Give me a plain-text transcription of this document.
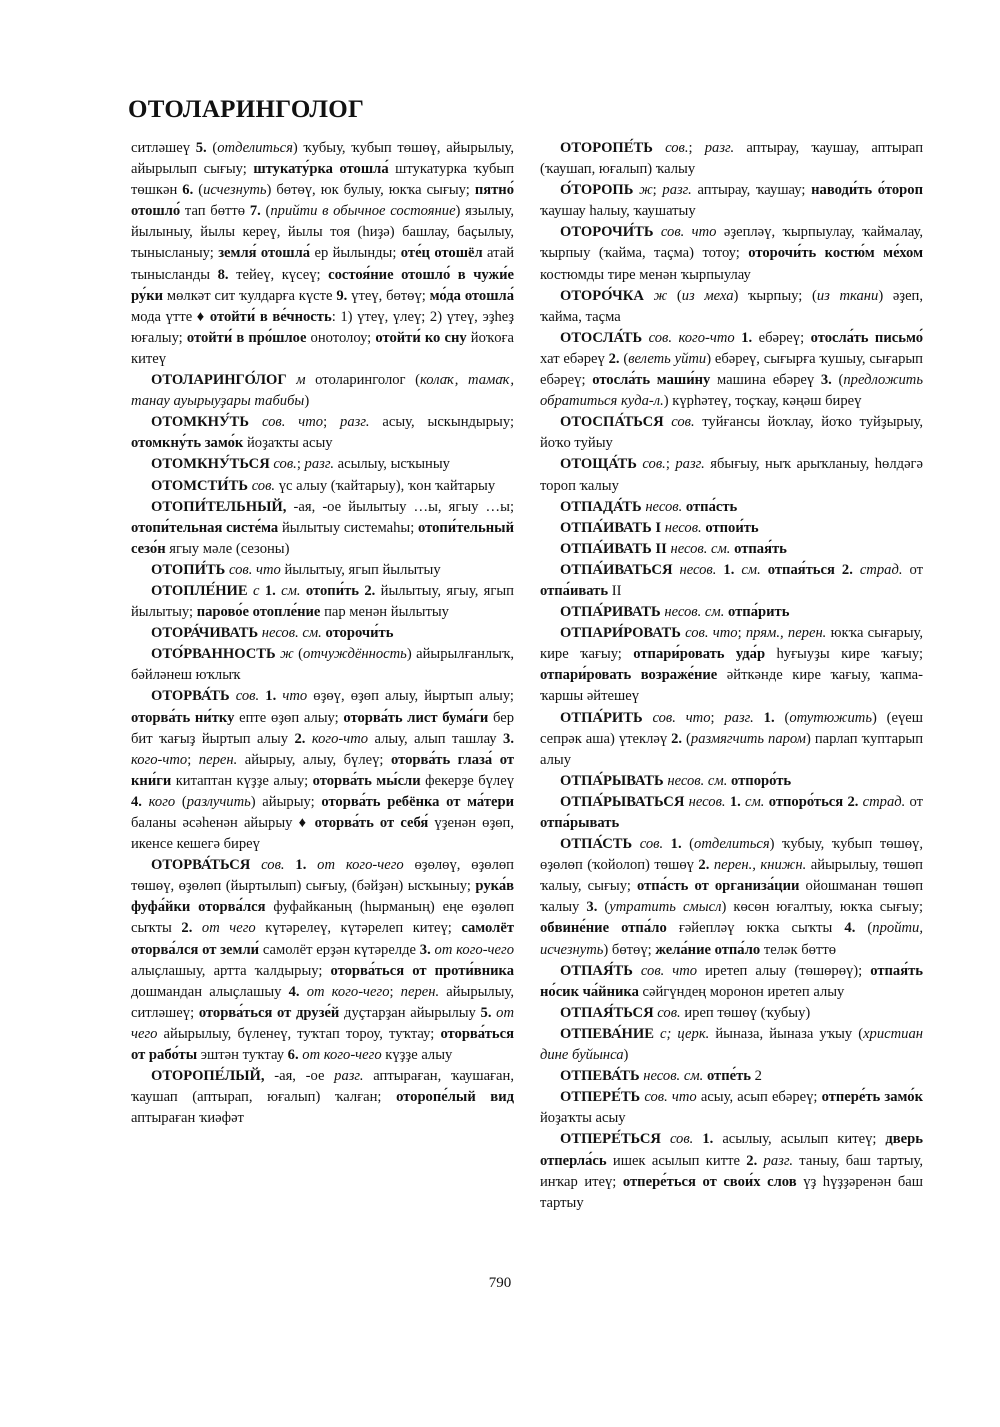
ОТОЛАРИНГОЛОГ

ситләшеү 5. (отделиться) ҡубыу, ҡубып төшөү, айырылыу, айырылып сығыу; штукату́рка отошла́ штукатурка ҡубып төшкән 6. (исчезнуть) бөтөү, юк булыу, юкҡа сығыу; пятно́ отошло́ тап бөттө 7. (прийти в обычное состояние) язылыу, йылыныу, йылы кереү, йылы тоя (һиҙә) башлау, баҫылыу, тынысланыу; земля́ отошла́ ер йылынды; оте́ц отошёл атай тынысланды 8. тейеү, күсеү; состоя́ние отошло́ в чужи́е ру́ки мөлкәт сит ҡулдарға күсте 9. үтеү, бөтөү; мо́да отошла́ мода үтте ♦ отойти́ в ве́чность: 1) үтеү, үлеү; 2) үтеү, эҙһеҙ юғалыу; отойти́ в про́шлое онотолоу; отойти́ ко сну йоҡоға китеү

ОТОЛАРИНГО́ЛОГ м отоларинголог (колаҡ, тамаҡ, танау ауырыуҙары табибы)

ОТОМКНУ́ТЬ сов. что; разг. асыу, ыскындырыу; отомкну́ть замо́к йоҙаҡты асыу

ОТОМКНУ́ТЬСЯ сов.; разг. асылыу, ысҡыныу

ОТОМСТИ́ТЬ сов. үс алыу (ҡайтарыу), ҡон ҡайтарыу

ОТОПИ́ТЕЛЬНЫЙ, -ая, -ое йылытыу …ы, ягыу …ы; отопи́тельная систе́ма йылытыу системаһы; отопи́тельный сезо́н ягыу мәле (сезоны)

ОТОПИ́ТЬ сов. что йылытыу, ягып йылытыу

ОТОПЛЕ́НИЕ с 1. см. отопи́ть 2. йылытыу, ягыу, ягып йылытыу; парово́е отопле́ние пар менән йылытыу

ОТОРА́ЧИВАТЬ несов. см. оторочи́ть

ОТО́РВАННОСТЬ ж (отчуждённость) айырылғанлыҡ, бәйләнеш юҡлыҡ

ОТОРВА́ТЬ сов. 1. что өҙөү, өҙөп алыу, йыртып алыу; оторва́ть ни́тку епте өҙөп алыу; оторва́ть лист бума́ги бер бит ҡағыҙ йыртып алыу 2. кого-что алыу, алып ташлау 3. кого-что; перен. айырыу, алыу, бүлеү; оторва́ть глаза́ от кни́ги китаптан күҙҙе алыу; оторва́ть мы́сли фекерҙе бүлеү 4. кого (разлучить) айырыу; оторва́ть ребёнка от ма́тери баланы әсәһенән айырыу ♦ оторва́ть от себя́ үҙенән өҙөп, икенсе кешегә биреү

ОТОРВА́ТЬСЯ сов. 1. от кого-чего өҙөлөү, өҙөлөп төшөү, өҙөлөп (йыртылып) сығыу, (бәйҙән) ысҡыныу; рука́в фуфа́йки оторва́лся фуфайканың (һырманың) еңе өҙөлөп сыҡты 2. от чего күтәрелеү, күтәрелеп китеү; самолёт оторва́лся от земли́ самолёт ерҙән күтәрелде 3. от кого-чего алыҫлашыу, артта ҡалдырыу; оторва́ться от проти́вника дошмандан алыҫлашыу 4. от кого-чего; перен. айырылыу, ситләшеү; оторва́ться от друзе́й дуҫтарҙан айырылыу 5. от чего айырылыу, бүленеү, туҡтап тороу, туҡтау; оторва́ться от рабо́ты эштән туҡтау 6. от кого-чего күҙҙе алыу

ОТОРОПЕ́ЛЫЙ, -ая, -ое разг. аптыраған, ҡаушаған, ҡаушап (аптырап, юғалып) ҡалған; оторопе́лый вид аптыраған ҡиәфәт

ОТОРОПЕ́ТЬ сов.; разг. аптырау, ҡаушау, аптырап (ҡаушап, юғалып) ҡалыу

О́ТОРОПЬ ж; разг. аптырау, ҡаушау; наводи́ть о́тороп ҡаушау һалыу, ҡаушатыу

ОТОРОЧИ́ТЬ сов. что әҙепләү, ҡырпыулау, ҡаймалау, ҡырпыу (ҡайма, таҫма) тотоу; оторочи́ть костю́м ме́хом костюмды тире менән ҡырпыулау

ОТОРО́ЧКА ж (из меха) ҡырпыу; (из ткани) әҙеп, ҡайма, таҫма

ОТОСЛА́ТЬ сов. кого-что 1. ебәреү; отосла́ть письмо́ хат ебәреү 2. (велеть уйти) ебәреү, сығырға ҡушыу, сығарып ебәреү; отосла́ть маши́ну машина ебәреү 3. (предложить обратиться куда-л.) күрһәтеү, тоҫҡау, кәңәш биреү

ОТОСПА́ТЬСЯ сов. туйғансы йоҡлау, йоҡо туйҙырыу, йоҡо туйыу

ОТОЩА́ТЬ сов.; разг. ябығыу, ныҡ арыҡланыу, һөлдәгә тороп ҡалыу

ОТПАДА́ТЬ несов. отпа́сть

ОТПА́ИВАТЬ I несов. отпои́ть

ОТПА́ИВАТЬ II несов. см. отпая́ть

ОТПА́ИВАТЬСЯ несов. 1. см. отпая́ться 2. страд. от отпа́ивать II

ОТПА́РИВАТЬ несов. см. отпа́рить

ОТПАРИ́РОВАТЬ сов. что; прям., перен. юкҡа сығарыу, кире ҡағыу; отпари́ровать уда́р һуғыуҙы кире ҡағыу; отпари́ровать возраже́ние әйткәнде кире ҡағыу, ҡапма-ҡаршы әйтешеү

ОТПА́РИТЬ сов. что; разг. 1. (отутюжить) (еүеш сепрәк аша) үтекләү 2. (размягчить паром) парлап ҡуптарып алыу

ОТПА́РЫВАТЬ несов. см. отпоро́ть

ОТПА́РЫВАТЬСЯ несов. 1. см. отпоро́ться 2. страд. от отпа́рывать

ОТПА́СТЬ сов. 1. (отделиться) ҡубыу, ҡубып төшөү, өҙөлөп (ҡойолоп) төшөү 2. перен., книжн. айырылыу, төшөп ҡалыу, сығыу; отпа́сть от организа́ции ойошманан төшөп ҡалыу 3. (утратить смысл) көсөн юғалтыу, юкҡа сығыу; обвине́ние отпа́ло ғәйепләү юкҡа сыҡты 4. (пройти, исчезнуть) бөтөү; жела́ние отпа́ло теләк бөттө

ОТПАЯ́ТЬ сов. что иретеп алыу (төшөрөү); отпая́ть но́сик ча́йника сәйгүндең моронон иретеп алыу

ОТПАЯ́ТЬСЯ сов. иреп төшөү (ҡубыу)

ОТПЕВА́НИЕ с; церк. йыназа, йыназа уҡыу (христиан дине буйынса)

ОТПЕВА́ТЬ несов. см. отпе́ть 2

ОТПЕРЕ́ТЬ сов. что асыу, асып ебәреү; отпере́ть замо́к йоҙаҡты асыу

ОТПЕРЕ́ТЬСЯ сов. 1. асылыу, асылып китеү; дверь отперла́сь ишек асылып китте 2. разг. таныу, баш тартыу, инҡар итеү; отпере́ться от свои́х слов үҙ һүҙҙәренән баш тартыу

790
